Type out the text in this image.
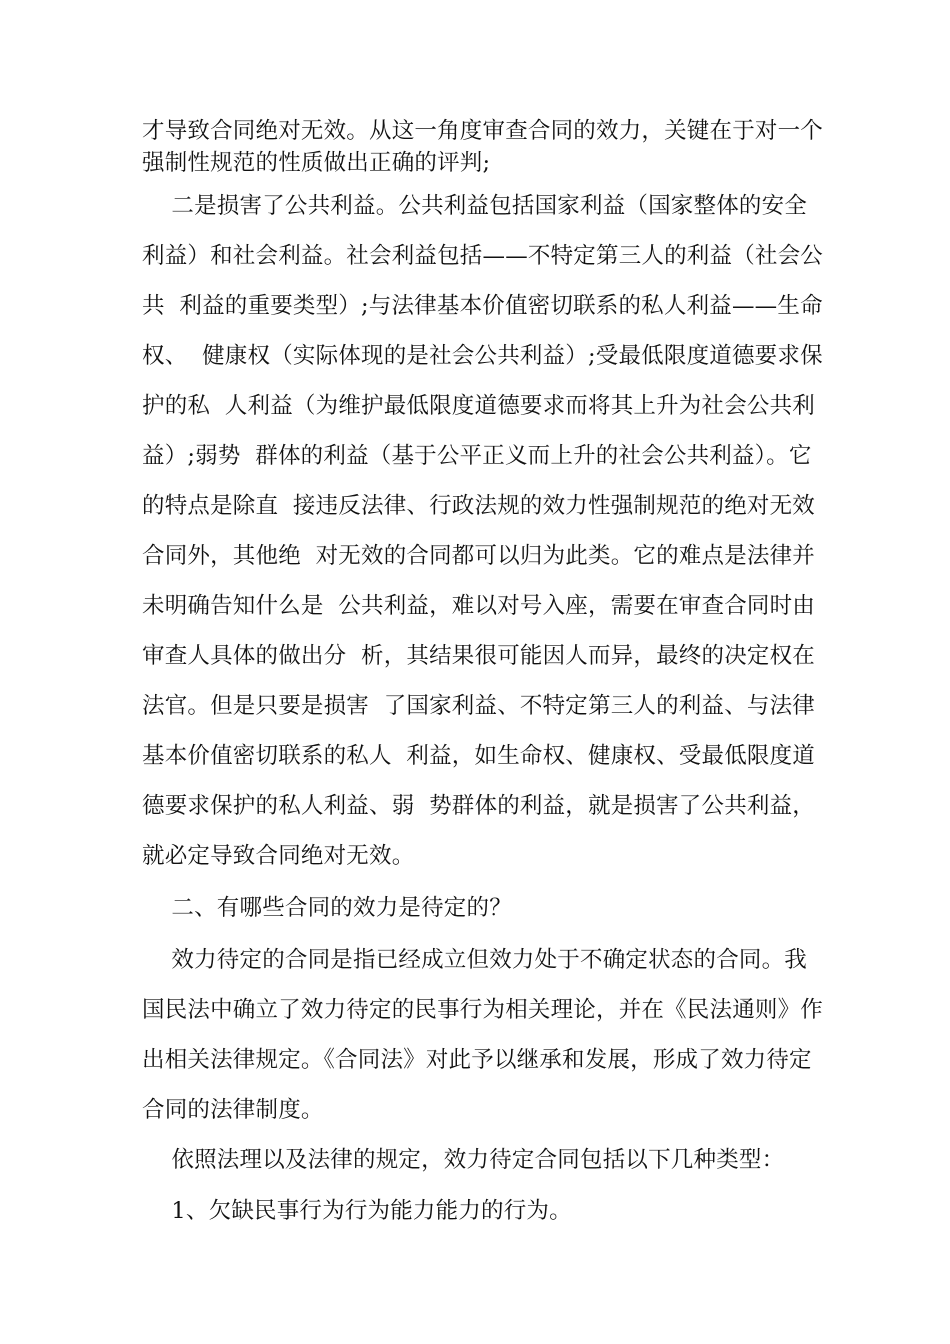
才导致合同绝对无效。从这一角度审查合同的效力，关键在于对一个
强制性规范的性质做出正确的评判;
二是损害了公共利益。公共利益包括国家利益（国家整体的安全
利益）和社会利益。社会利益包括——不特定第三人的利益（社会公
共  利益的重要类型）;与法律基本价值密切联系的私人利益——生命
权、  健康权（实际体现的是社会公共利益）;受最低限度道德要求保
护的私  人利益（为维护最低限度道德要求而将其上升为社会公共利
益）;弱势  群体的利益（基于公平正义而上升的社会公共利益）。它
的特点是除直  接违反法律、行政法规的效力性强制规范的绝对无效
合同外，其他绝  对无效的合同都可以归为此类。它的难点是法律并
未明确告知什么是  公共利益，难以对号入座，需要在审查合同时由
审查人具体的做出分  析，其结果很可能因人而异，最终的决定权在
法官。但是只要是损害  了国家利益、不特定第三人的利益、与法律
基本价值密切联系的私人  利益，如生命权、健康权、受最低限度道
德要求保护的私人利益、弱  势群体的利益，就是损害了公共利益，
就必定导致合同绝对无效。
二、有哪些合同的效力是待定的？
效力待定的合同是指已经成立但效力处于不确定状态的合同。我
国民法中确立了效力待定的民事行为相关理论，并在《民法通则》作
出相关法律规定。《合同法》对此予以继承和发展，形成了效力待定
合同的法律制度。
依照法理以及法律的规定，效力待定合同包括以下几种类型：
1、欠缺民事行为行为能力能力的行为。
